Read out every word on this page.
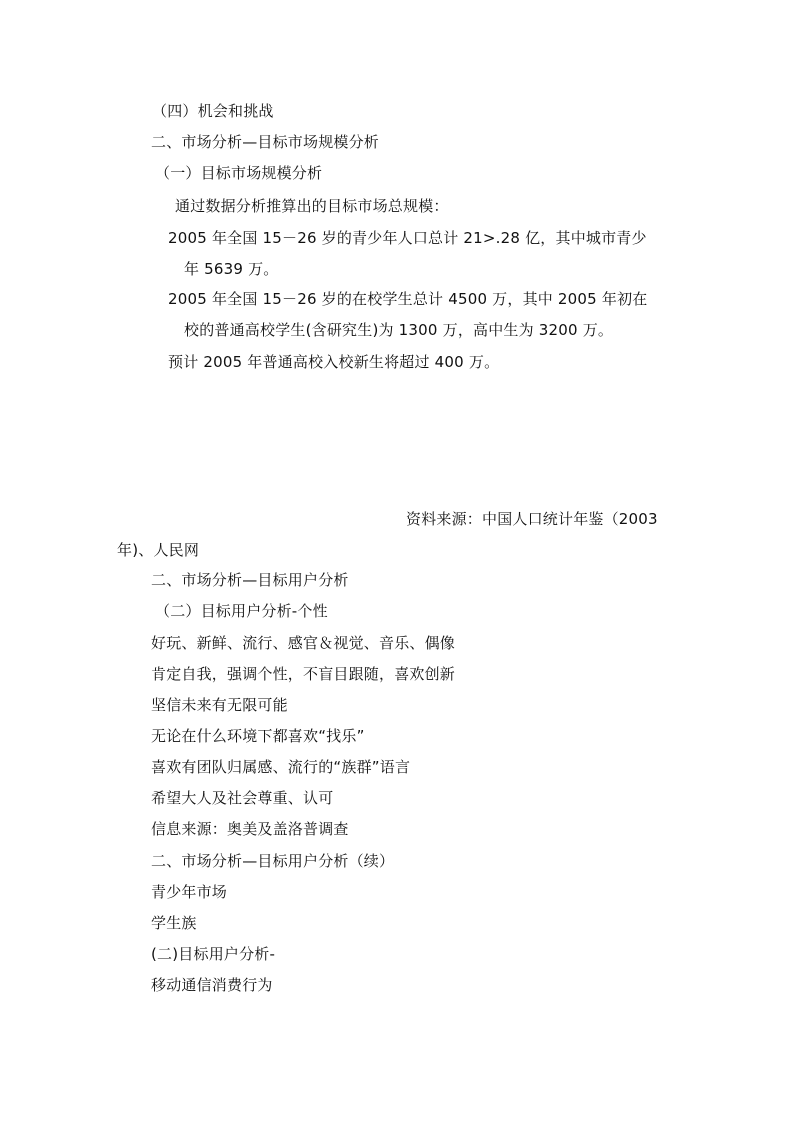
（四）机会和挑战
二、市场分析—目标市场规模分析
（一）目标市场规模分析
通过数据分析推算出的目标市场总规模：
2005 年全国 15－26 岁的青少年人口总计 21>.28 亿，其中城市青少
年 5639 万。
2005 年全国 15－26 岁的在校学生总计 4500 万，其中 2005 年初在
校的普通高校学生(含研究生)为 1300 万，高中生为 3200 万。
预计 2005 年普通高校入校新生将超过 400 万。
资料来源：中国人口统计年鉴（2003
年)、人民网
二、市场分析—目标用户分析
（二）目标用户分析-个性
好玩、新鲜、流行、感官＆视觉、音乐、偶像
肯定自我，强调个性，不盲目跟随，喜欢创新
坚信未来有无限可能
无论在什么环境下都喜欢“找乐”
喜欢有团队归属感、流行的“族群”语言
希望大人及社会尊重、认可
信息来源：奥美及盖洛普调查
二、市场分析—目标用户分析（续）
青少年市场
学生族
(二)目标用户分析-
移动通信消费行为
